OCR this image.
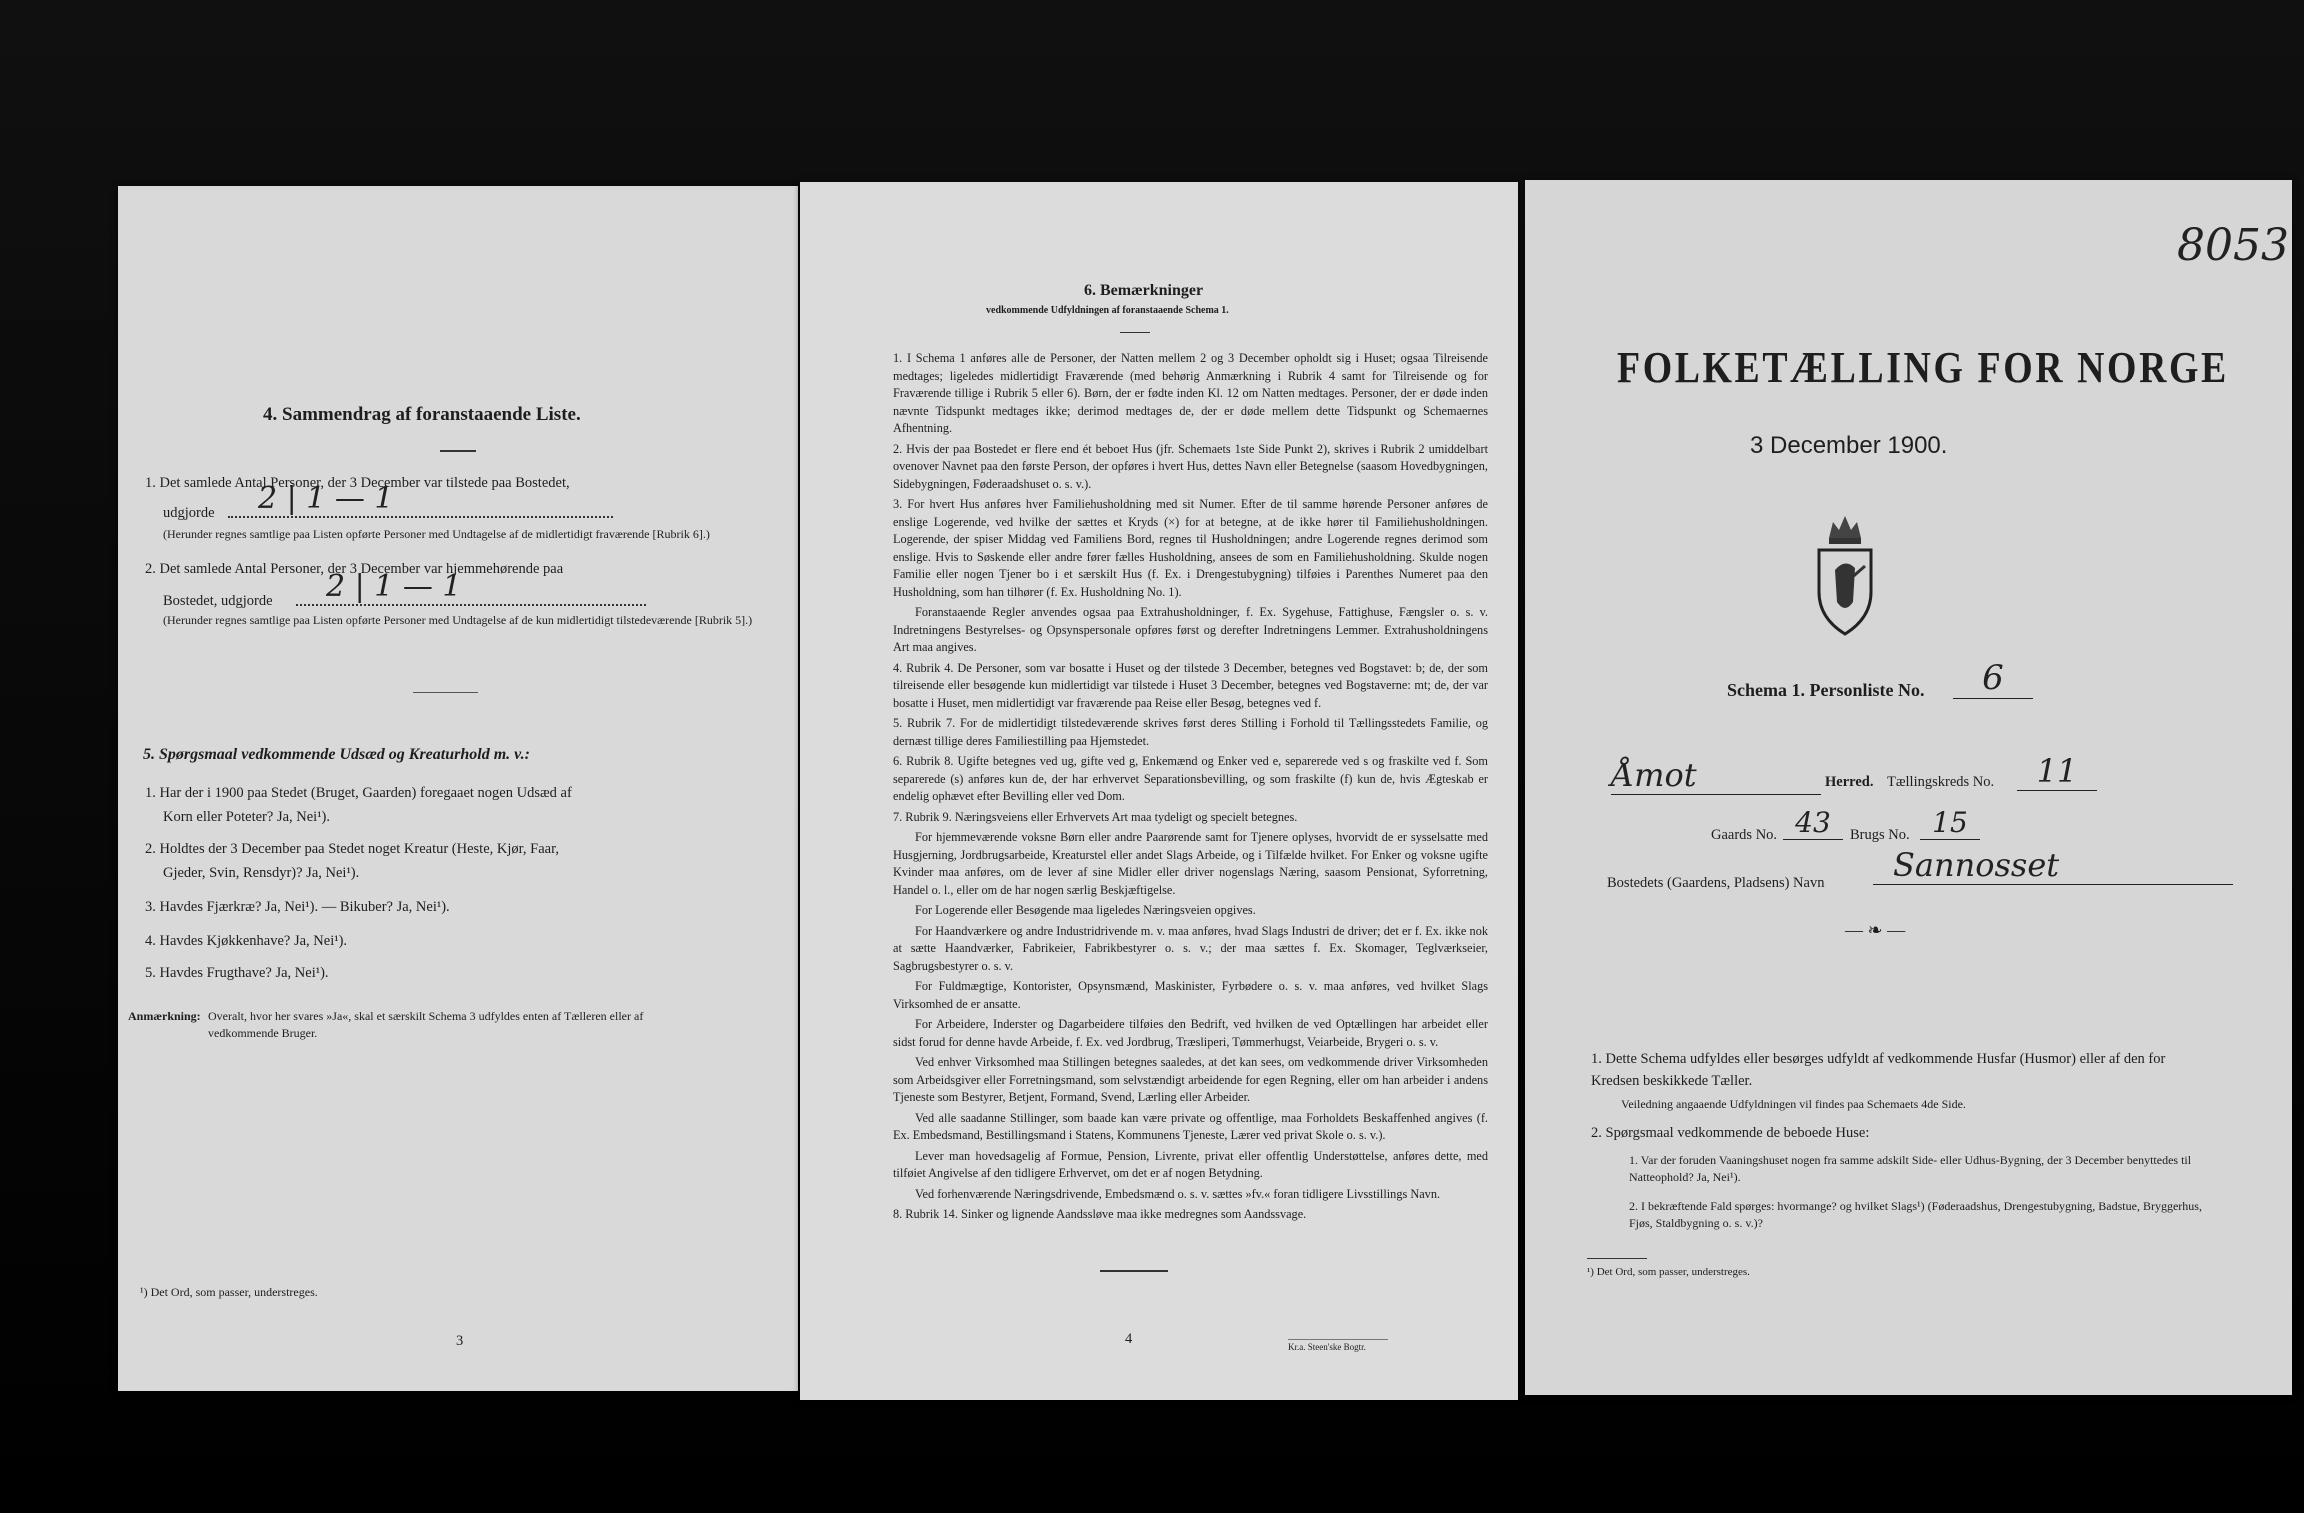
4. Sammendrag af foranstaaende Liste.
1. Det samlede Antal Personer, der 3 December var tilstede paa Bostedet,
udgjorde	2 | 1 — 1
(Herunder regnes samtlige paa Listen opførte Personer med Undtagelse af de midlertidigt fraværende [Rubrik 6].)
2. Det samlede Antal Personer, der 3 December var hjemmehørende paa
Bostedet, udgjorde	2 | 1 — 1
(Herunder regnes samtlige paa Listen opførte Personer med Undtagelse af de kun midlertidigt tilstedeværende [Rubrik 5].)
5. Spørgsmaal vedkommende Udsæd og Kreaturhold m. v.:
1. Har der i 1900 paa Stedet (Bruget, Gaarden) foregaaet nogen Udsæd af
Korn eller Poteter? Ja, Nei¹).
2. Holdtes der 3 December paa Stedet noget Kreatur (Heste, Kjør, Faar,
Gjeder, Svin, Rensdyr)? Ja, Nei¹).
3. Havdes Fjærkræ? Ja, Nei¹). — Bikuber? Ja, Nei¹).
4. Havdes Kjøkkenhave? Ja, Nei¹).
5. Havdes Frugthave? Ja, Nei¹).
Anmærkning: Overalt, hvor her svares »Ja«, skal et særskilt Schema 3 udfyldes enten af Tælleren eller af vedkommende Bruger.
¹) Det Ord, som passer, understreges.
3
6. Bemærkninger
vedkommende Udfyldningen af foranstaaende Schema 1.
1. I Schema 1 anføres alle de Personer, der Natten mellem 2 og 3 December opholdt sig i Huset; ogsaa Tilreisende medtages; ligeledes midlertidigt Fraværende (med behørig Anmærkning i Rubrik 4 samt for Tilreisende og for Fraværende tillige i Rubrik 5 eller 6). Børn, der er fødte inden Kl. 12 om Natten medtages. Personer, der er døde inden nævnte Tidspunkt medtages ikke; derimod medtages de, der er døde mellem dette Tidspunkt og Schemaernes Afhentning.
2. Hvis der paa Bostedet er flere end ét beboet Hus (jfr. Schemaets 1ste Side Punkt 2), skrives i Rubrik 2 umiddelbart ovenover Navnet paa den første Person, der opføres i hvert Hus, dettes Navn eller Betegnelse (saasom Hovedbygningen, Sidebygningen, Føderaadshuset o. s. v.).
3. For hvert Hus anføres hver Familiehusholdning med sit Numer. Efter de til samme hørende Personer anføres de enslige Logerende, ved hvilke der sættes et Kryds (×) for at betegne, at de ikke hører til Familiehusholdningen. Logerende, der spiser Middag ved Familiens Bord, regnes til Husholdningen; andre Logerende regnes derimod som enslige. Hvis to Søskende eller andre fører fælles Husholdning, ansees de som en Familiehusholdning. Skulde nogen Familie eller nogen Tjener bo i et særskilt Hus (f. Ex. i Drengestubygning) tilføies i Parenthes Numeret paa den Husholdning, som han tilhører (f. Ex. Husholdning No. 1).
Foranstaaende Regler anvendes ogsaa paa Extrahusholdninger, f. Ex. Sygehuse, Fattighuse, Fængsler o. s. v. Indretningens Bestyrelses- og Opsynspersonale opføres først og derefter Indretningens Lemmer. Extrahusholdningens Art maa angives.
4. Rubrik 4. De Personer, som var bosatte i Huset og der tilstede 3 December, betegnes ved Bogstavet: b; de, der som tilreisende eller besøgende kun midlertidigt var tilstede i Huset 3 December, betegnes ved Bogstaverne: mt; de, der var bosatte i Huset, men midlertidigt var fraværende paa Reise eller Besøg, betegnes ved f.
5. Rubrik 7. For de midlertidigt tilstedeværende skrives først deres Stilling i Forhold til Tællingsstedets Familie, og dernæst tillige deres Familiestilling paa Hjemstedet.
6. Rubrik 8. Ugifte betegnes ved ug, gifte ved g, Enkemænd og Enker ved e, separerede ved s og fraskilte ved f. Som separerede (s) anføres kun de, der har erhvervet Separationsbevilling, og som fraskilte (f) kun de, hvis Ægteskab er endelig ophævet efter Bevilling eller ved Dom.
7. Rubrik 9. Næringsveiens eller Erhvervets Art maa tydeligt og specielt betegnes.
For hjemmeværende voksne Børn eller andre Paarørende samt for Tjenere oplyses, hvorvidt de er sysselsatte med Husgjerning, Jordbrugsarbeide, Kreaturstel eller andet Slags Arbeide, og i Tilfælde hvilket. For Enker og voksne ugifte Kvinder maa anføres, om de lever af sine Midler eller driver nogenslags Næring, saasom Pensionat, Syforretning, Handel o. l., eller om de har nogen særlig Beskjæftigelse.
For Logerende eller Besøgende maa ligeledes Næringsveien opgives.
For Haandværkere og andre Industridrivende m. v. maa anføres, hvad Slags Industri de driver; det er f. Ex. ikke nok at sætte Haandværker, Fabrikeier, Fabrikbestyrer o. s. v.; der maa sættes f. Ex. Skomager, Teglværkseier, Sagbrugsbestyrer o. s. v.
For Fuldmægtige, Kontorister, Opsynsmænd, Maskinister, Fyrbødere o. s. v. maa anføres, ved hvilket Slags Virksomhed de er ansatte.
For Arbeidere, Inderster og Dagarbeidere tilføies den Bedrift, ved hvilken de ved Optællingen har arbeidet eller sidst forud for denne havde Arbeide, f. Ex. ved Jordbrug, Træsliperi, Tømmerhugst, Veiarbeide, Brygeri o. s. v.
Ved enhver Virksomhed maa Stillingen betegnes saaledes, at det kan sees, om vedkommende driver Virksomheden som Arbeidsgiver eller Forretningsmand, som selvstændigt arbeidende for egen Regning, eller om han arbeider i andens Tjeneste som Bestyrer, Betjent, Formand, Svend, Lærling eller Arbeider.
Ved alle saadanne Stillinger, som baade kan være private og offentlige, maa Forholdets Beskaffenhed angives (f. Ex. Embedsmand, Bestillingsmand i Statens, Kommunens Tjeneste, Lærer ved privat Skole o. s. v.).
Lever man hovedsagelig af Formue, Pension, Livrente, privat eller offentlig Understøttelse, anføres dette, med tilføiet Angivelse af den tidligere Erhvervet, om det er af nogen Betydning.
Ved forhenværende Næringsdrivende, Embedsmænd o. s. v. sættes »fv.« foran tidligere Livsstillings Navn.
8. Rubrik 14. Sinker og lignende Aandssløve maa ikke medregnes som Aandssvage.
4	Kr.a. Steen'ske Bogtr.
8053
FOLKETÆLLING FOR NORGE
3 December 1900.
Schema 1. Personliste No.	6
Åmot	Herred. Tællingskreds No.	11
Gaards No. 43	Brugs No. 15
Bostedets (Gaardens, Pladsens) Navn	Sannosset
— ❧ —
1. Dette Schema udfyldes eller besørges udfyldt af vedkommende Husfar (Husmor) eller af den for Kredsen beskikkede Tæller.
Veiledning angaaende Udfyldningen vil findes paa Schemaets 4de Side.
2. Spørgsmaal vedkommende de beboede Huse:
1. Var der foruden Vaaningshuset nogen fra samme adskilt Side- eller Udhus-Bygning, der 3 December benyttedes til Natteophold? Ja, Nei¹).
2. I bekræftende Fald spørges: hvormange? og hvilket Slags¹) (Føderaadshus, Drengestubygning, Badstue, Bryggerhus, Fjøs, Staldbygning o. s. v.)?
¹) Det Ord, som passer, understreges.
